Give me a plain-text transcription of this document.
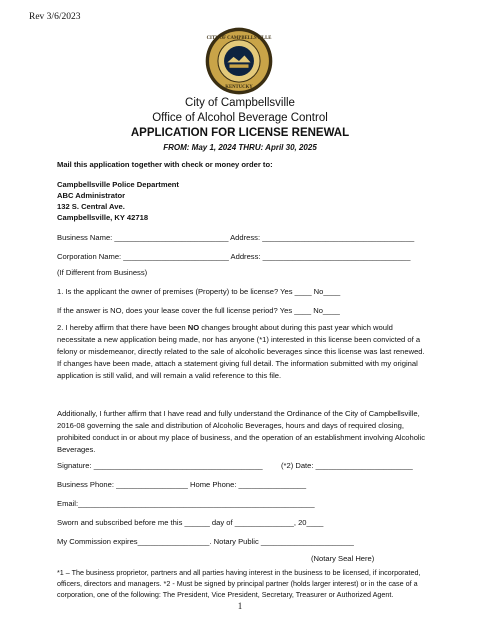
Rev 3/6/2023
CITY OF CAMPBELLSVILLE
KENTUCKY
City of Campbellsville
Office of Alcohol Beverage Control
APPLICATION FOR LICENSE RENEWAL
FROM: May 1, 2024 THRU: April 30, 2025
Mail this application together with check or money order to:
Campbellsville Police Department
ABC Administrator
132 S. Central Ave.
Campbellsville, KY 42718
Business Name: ___________________________ Address: ____________________________________
Corporation Name: _________________________ Address: ___________________________________
(If Different from Business)
1. Is the applicant the owner of premises (Property) to be license? Yes ____ No____
If the answer is NO, does your lease cover the full license period? Yes ____ No____
2. I hereby affirm that there have been NO changes brought about during this past year which would necessitate a new application being made, nor has anyone (*1) interested in this license been convicted of a felony or misdemeanor, directly related to the sale of alcoholic beverages since this license was last renewed. If changes have been made, attach a statement giving full detail. The information submitted with my original application is still valid, and will remain a valid reference to this file.
Additionally, I further affirm that I have read and fully understand the Ordinance of the City of Campbellsville, 2016-08 governing the sale and distribution of Alcoholic Beverages, hours and days of required closing, prohibited conduct in or about my place of business, and the operation of an establishment involving Alcoholic Beverages.
Signature: ________________________________________ (*2) Date: _______________________
Business Phone: _________________ Home Phone: ________________
Email:________________________________________________________
Sworn and subscribed before me this ______ day of ______________, 20____
My Commission expires_________________. Notary Public ______________________
(Notary Seal Here)
*1 – The business proprietor, partners and all parties having interest in the business to be licensed, if incorporated, officers, directors and managers. *2 - Must be signed by principal partner (holds larger interest) or in the case of a corporation, one of the following: The President, Vice President, Secretary, Treasurer or Authorized Agent.
1
